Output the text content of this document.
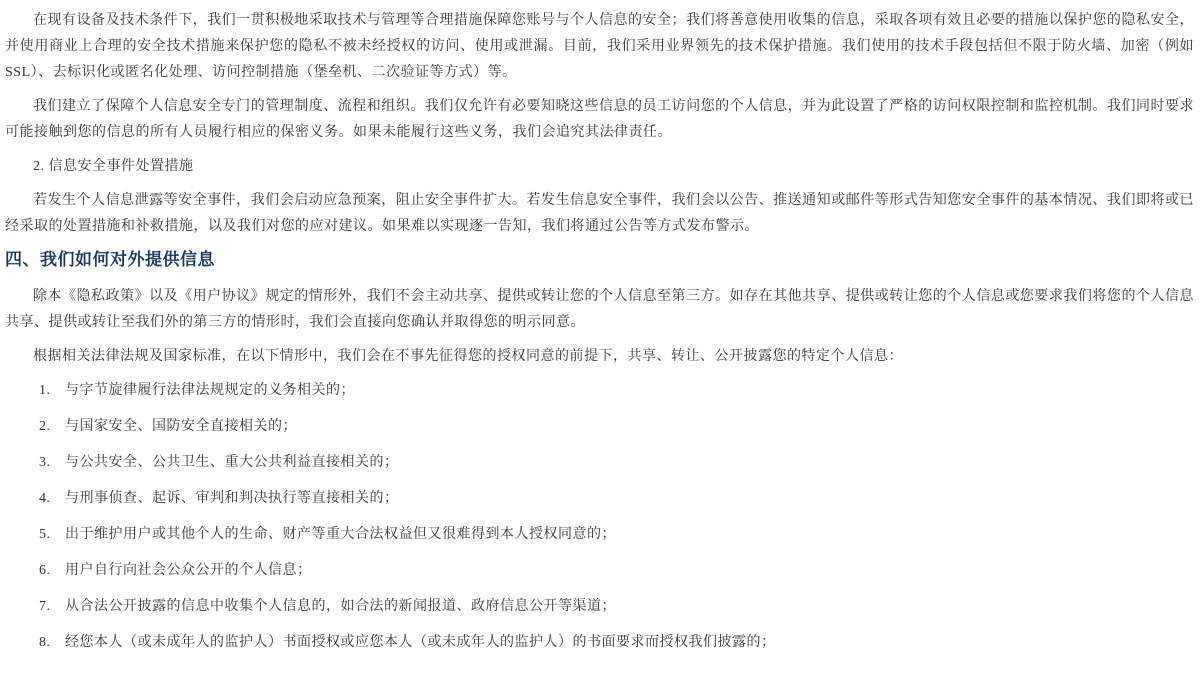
在现有设备及技术条件下，我们一贯积极地采取技术与管理等合理措施保障您账号与个人信息的安全；我们将善意使用收集的信息，采取各项有效且必要的措施以保护您的隐私安全，并使用商业上合理的安全技术措施来保护您的隐私不被未经授权的访问、使用或泄漏。目前，我们采用业界领先的技术保护措施。我们使用的技术手段包括但不限于防火墙、加密（例如SSL）、去标识化或匿名化处理、访问控制措施（堡垒机、二次验证等方式）等。

我们建立了保障个人信息安全专门的管理制度、流程和组织。我们仅允许有必要知晓这些信息的员工访问您的个人信息，并为此设置了严格的访问权限控制和监控机制。我们同时要求可能接触到您的信息的所有人员履行相应的保密义务。如果未能履行这些义务，我们会追究其法律责任。

2. 信息安全事件处置措施

若发生个人信息泄露等安全事件，我们会启动应急预案，阻止安全事件扩大。若发生信息安全事件，我们会以公告、推送通知或邮件等形式告知您安全事件的基本情况、我们即将或已经采取的处置措施和补救措施，以及我们对您的应对建议。如果难以实现逐一告知，我们将通过公告等方式发布警示。

四、我们如何对外提供信息

除本《隐私政策》以及《用户协议》规定的情形外，我们不会主动共享、提供或转让您的个人信息至第三方。如存在其他共享、提供或转让您的个人信息或您要求我们将您的个人信息共享、提供或转让至我们外的第三方的情形时，我们会直接向您确认并取得您的明示同意。

根据相关法律法规及国家标准，在以下情形中，我们会在不事先征得您的授权同意的前提下，共享、转让、公开披露您的特定个人信息：

1.	与字节旋律履行法律法规规定的义务相关的；
2.	与国家安全、国防安全直接相关的；
3.	与公共安全、公共卫生、重大公共利益直接相关的；
4.	与刑事侦查、起诉、审判和判决执行等直接相关的；
5.	出于维护用户或其他个人的生命、财产等重大合法权益但又很难得到本人授权同意的；
6.	用户自行向社会公众公开的个人信息；
7.	从合法公开披露的信息中收集个人信息的，如合法的新闻报道、政府信息公开等渠道；
8.	经您本人（或未成年人的监护人）书面授权或应您本人（或未成年人的监护人）的书面要求而授权我们披露的；
